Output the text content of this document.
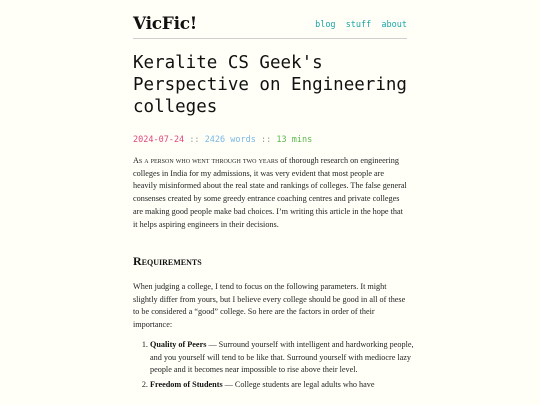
VicFic!	blog stuff about
Keralite CS Geek's Perspective on Engineering colleges
2024-07-24 :: 2426 words :: 13 mins

As a person who went through two years of thorough research on engineering colleges in India for my admissions, it was very evident that most people are heavily misinformed about the real state and rankings of colleges. The false general consenses created by some greedy entrance coaching centres and private colleges are making good people make bad choices. I’m writing this article in the hope that it helps aspiring engineers in their decisions.

Requirements

When judging a college, I tend to focus on the following parameters. It might slightly differ from yours, but I believe every college should be good in all of these to be considered a “good” college. So here are the factors in order of their importance:

1. Quality of Peers — Surround yourself with intelligent and hardworking people, and you yourself will tend to be like that. Surround yourself with mediocre lazy people and it becomes near impossible to rise above their level.
2. Freedom of Students — College students are legal adults who have
